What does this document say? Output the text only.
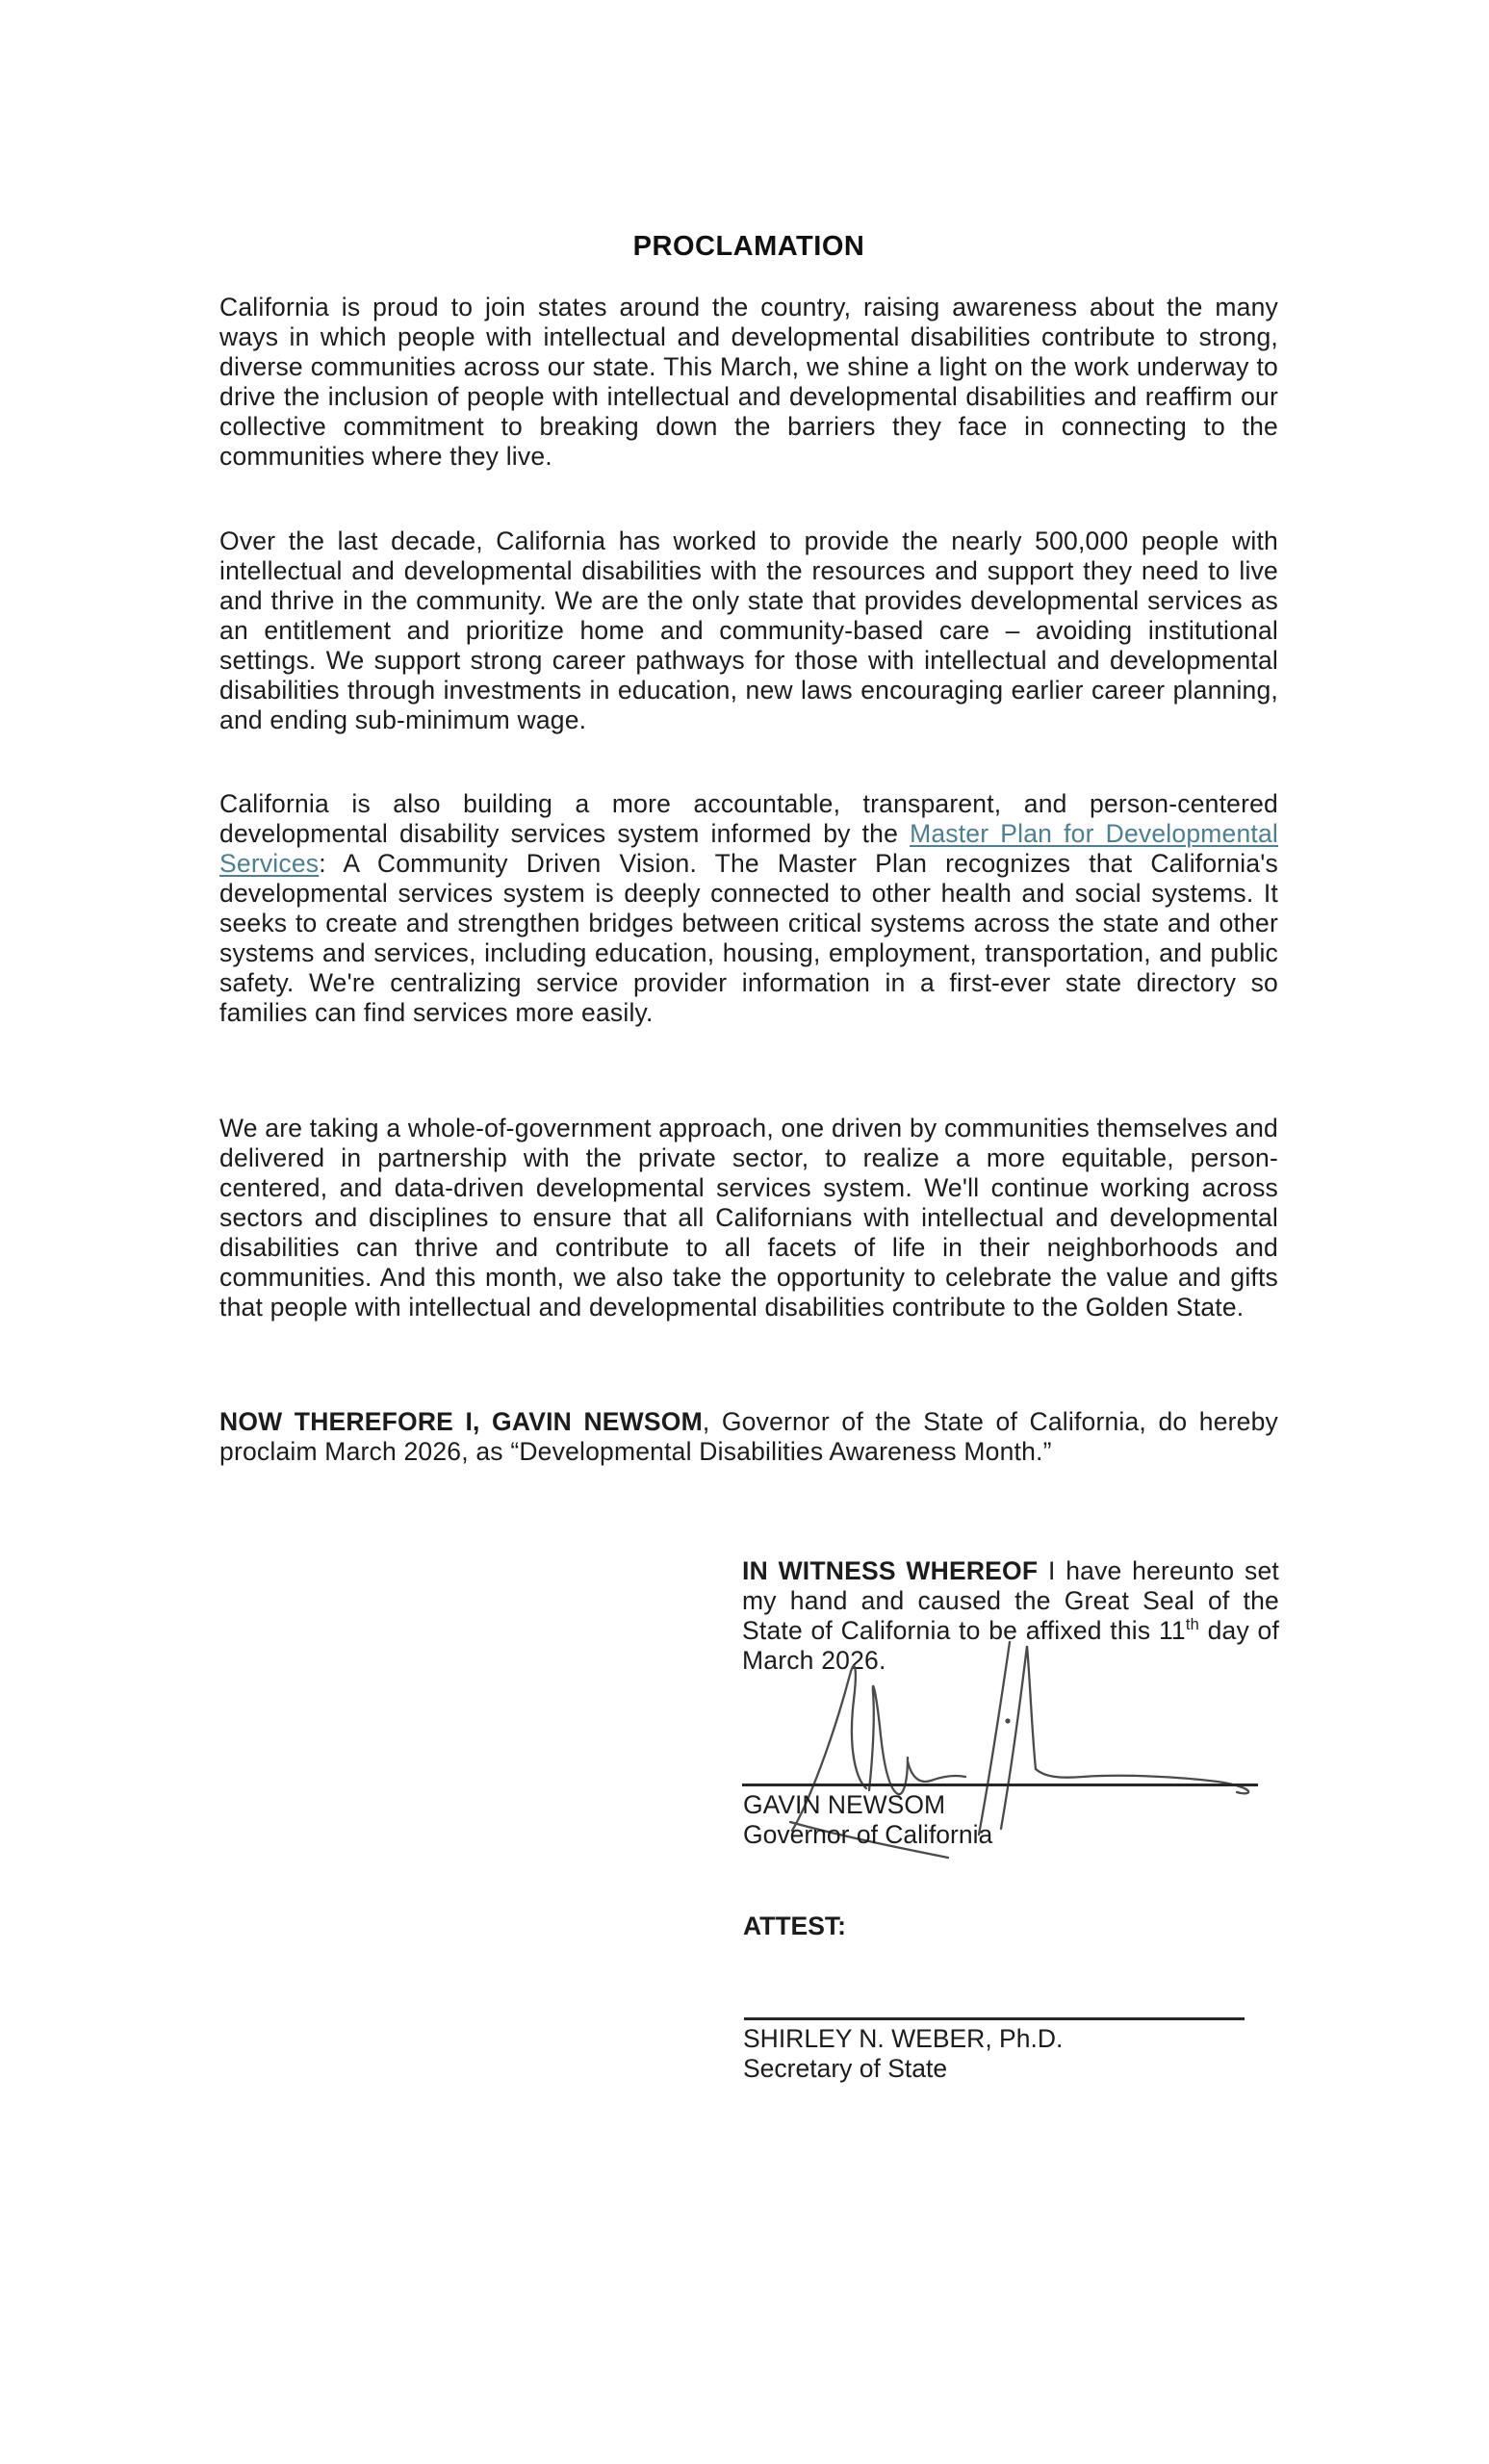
PROCLAMATION
California is proud to join states around the country, raising awareness about the many ways in which people with intellectual and developmental disabilities contribute to strong, diverse communities across our state. This March, we shine a light on the work underway to drive the inclusion of people with intellectual and developmental disabilities and reaffirm our collective commitment to breaking down the barriers they face in connecting to the communities where they live.
Over the last decade, California has worked to provide the nearly 500,000 people with intellectual and developmental disabilities with the resources and support they need to live and thrive in the community. We are the only state that provides developmental services as an entitlement and prioritize home and community-based care – avoiding institutional settings. We support strong career pathways for those with intellectual and developmental disabilities through investments in education, new laws encouraging earlier career planning, and ending sub-minimum wage.
California is also building a more accountable, transparent, and person-centered developmental disability services system informed by the Master Plan for Developmental Services: A Community Driven Vision. The Master Plan recognizes that California's developmental services system is deeply connected to other health and social systems. It seeks to create and strengthen bridges between critical systems across the state and other systems and services, including education, housing, employment, transportation, and public safety. We're centralizing service provider information in a first-ever state directory so families can find services more easily.
We are taking a whole-of-government approach, one driven by communities themselves and delivered in partnership with the private sector, to realize a more equitable, person-centered, and data-driven developmental services system. We'll continue working across sectors and disciplines to ensure that all Californians with intellectual and developmental disabilities can thrive and contribute to all facets of life in their neighborhoods and communities. And this month, we also take the opportunity to celebrate the value and gifts that people with intellectual and developmental disabilities contribute to the Golden State.
NOW THEREFORE I, GAVIN NEWSOM, Governor of the State of California, do hereby proclaim March 2026, as “Developmental Disabilities Awareness Month.”
IN WITNESS WHEREOF I have hereunto set my hand and caused the Great Seal of the State of California to be affixed this 11th day of March 2026.
GAVIN NEWSOM
Governor of California
ATTEST:
SHIRLEY N. WEBER, Ph.D.
Secretary of State
